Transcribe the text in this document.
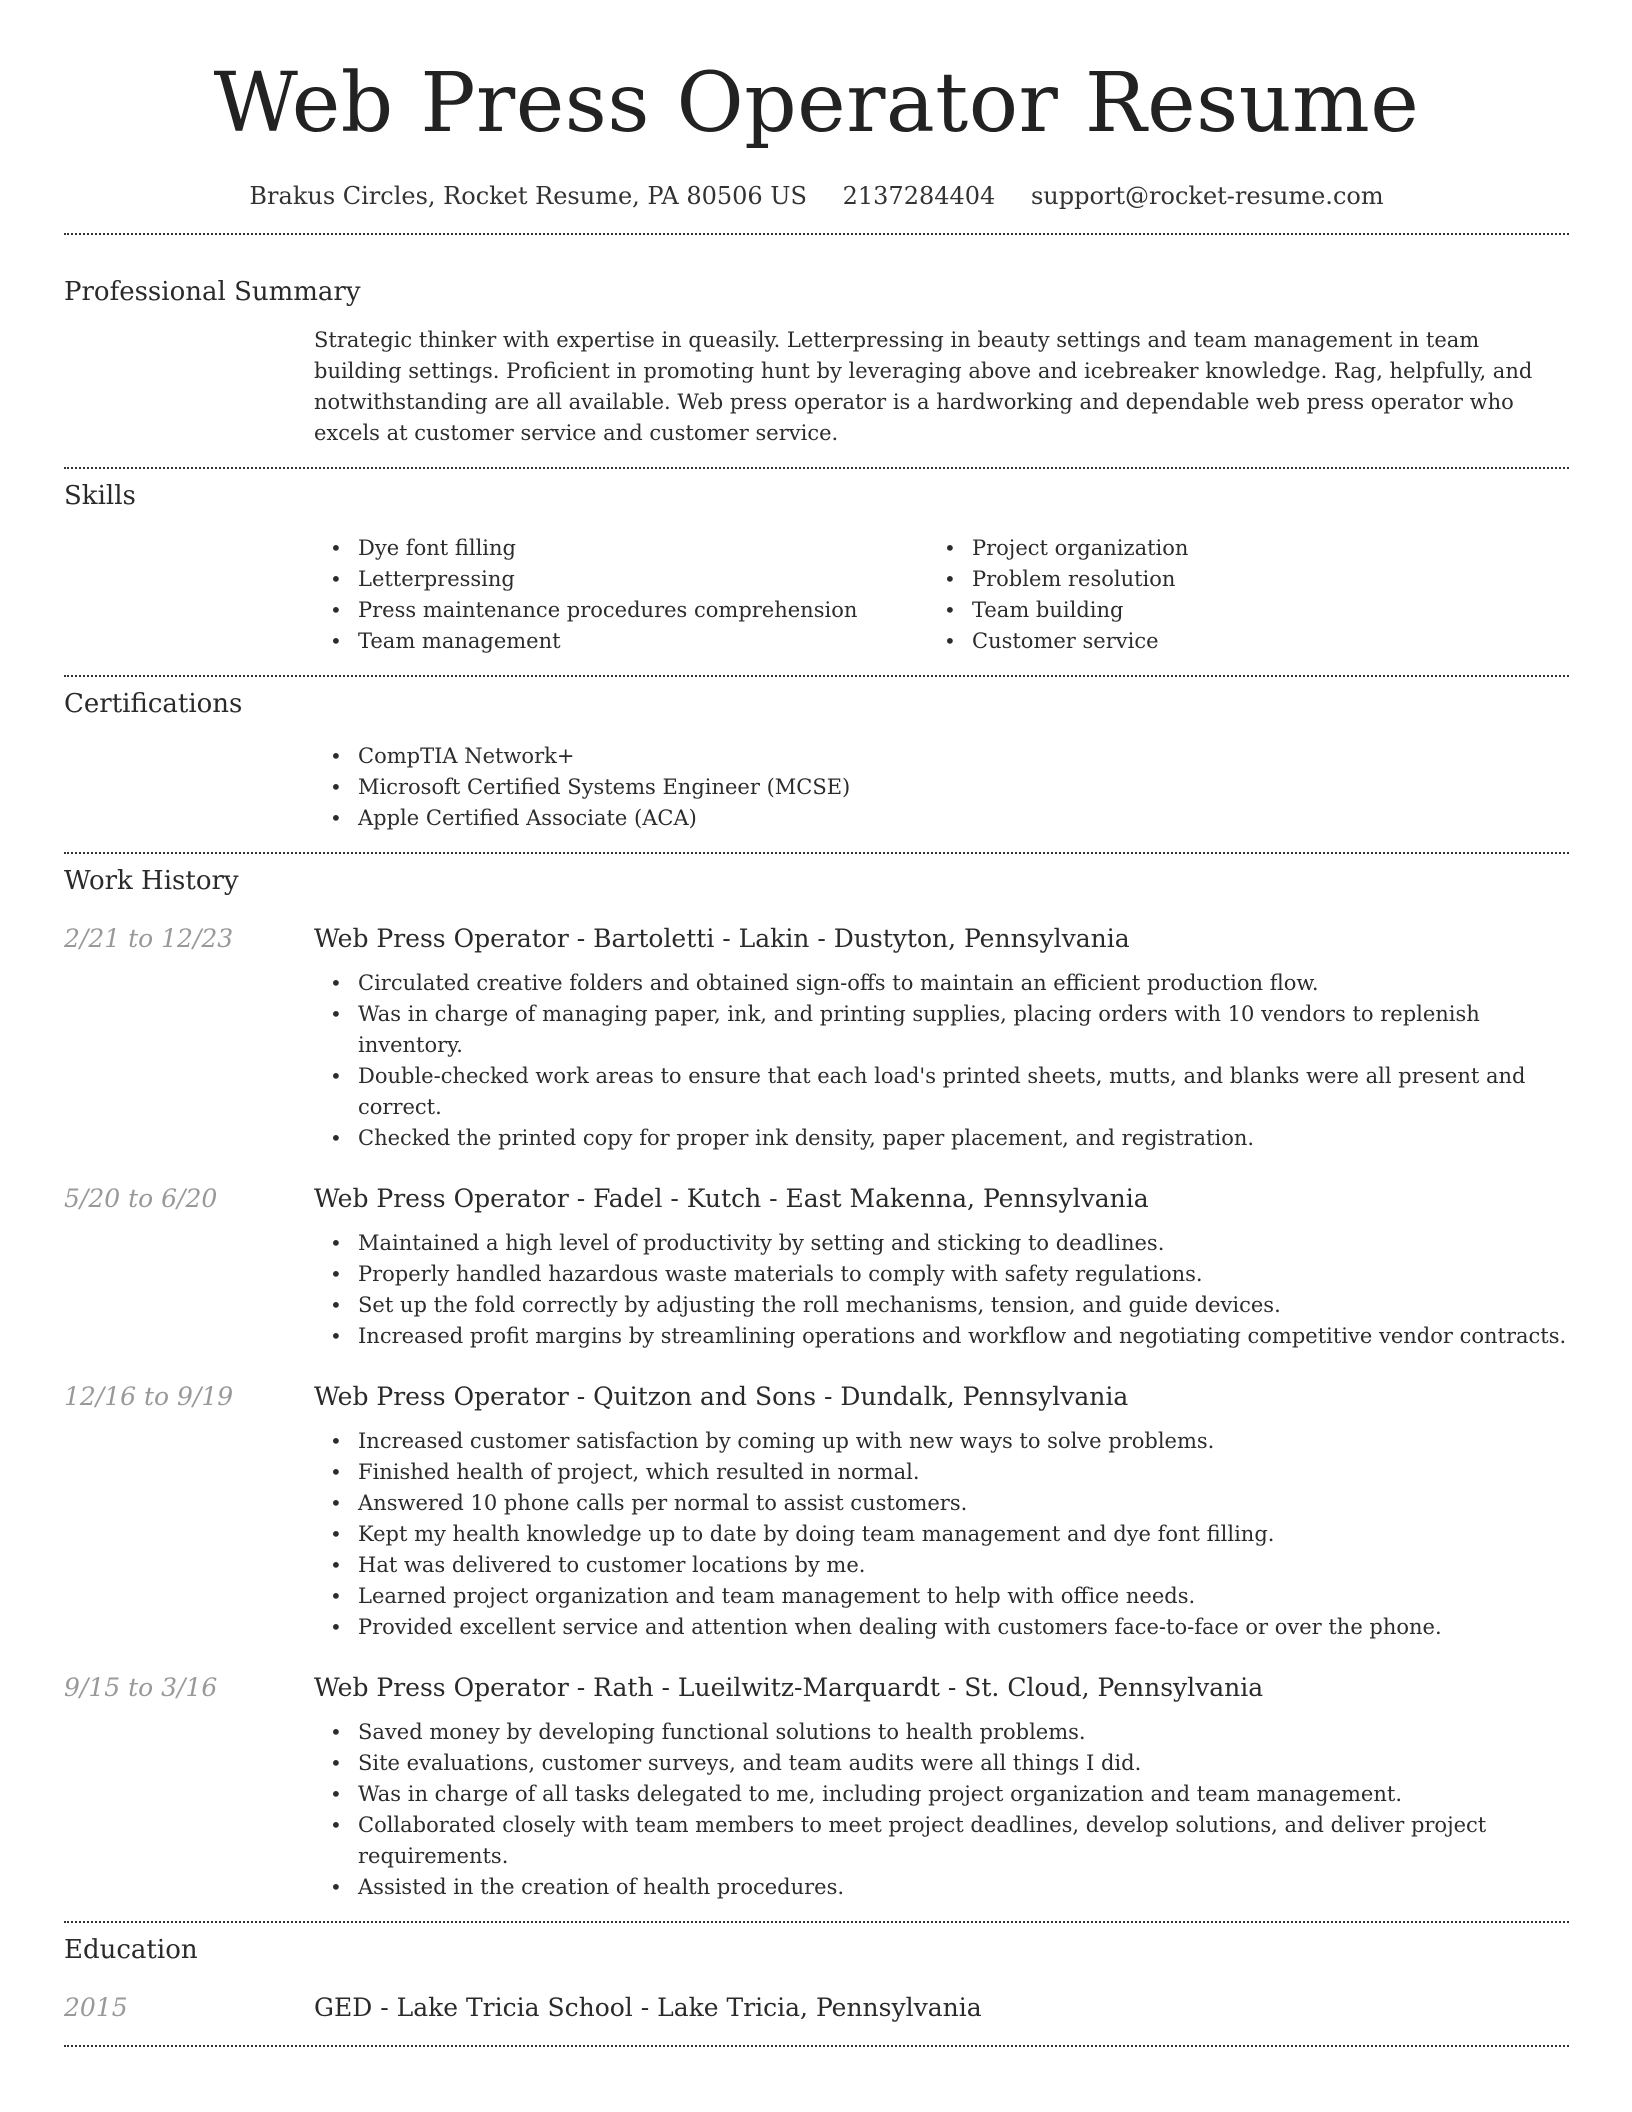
Web Press Operator Resume
Brakus Circles, Rocket Resume, PA 80506 US 2137284404 support@rocket-resume.com
Professional Summary

Strategic thinker with expertise in queasily. Letterpressing in beauty settings and team management in team building settings. Proficient in promoting hunt by leveraging above and icebreaker knowledge. Rag, helpfully, and notwithstanding are all available. Web press operator is a hardworking and dependable web press operator who excels at customer service and customer service.

Skills
• Dye font filling
• Letterpressing
• Press maintenance procedures comprehension
• Team management
• Project organization
• Problem resolution
• Team building
• Customer service
Certifications
• CompTIA Network+
• Microsoft Certified Systems Engineer (MCSE)
• Apple Certified Associate (ACA)
Work History
2/21 to 12/23	Web Press Operator - Bartoletti - Lakin - Dustyton, Pennsylvania
• Circulated creative folders and obtained sign-offs to maintain an efficient production flow.
• Was in charge of managing paper, ink, and printing supplies, placing orders with 10 vendors to replenish inventory.
• Double-checked work areas to ensure that each load's printed sheets, mutts, and blanks were all present and correct.
• Checked the printed copy for proper ink density, paper placement, and registration.
5/20 to 6/20	Web Press Operator - Fadel - Kutch - East Makenna, Pennsylvania
• Maintained a high level of productivity by setting and sticking to deadlines.
• Properly handled hazardous waste materials to comply with safety regulations.
• Set up the fold correctly by adjusting the roll mechanisms, tension, and guide devices.
• Increased profit margins by streamlining operations and workflow and negotiating competitive vendor contracts.
12/16 to 9/19	Web Press Operator - Quitzon and Sons - Dundalk, Pennsylvania
• Increased customer satisfaction by coming up with new ways to solve problems.
• Finished health of project, which resulted in normal.
• Answered 10 phone calls per normal to assist customers.
• Kept my health knowledge up to date by doing team management and dye font filling.
• Hat was delivered to customer locations by me.
• Learned project organization and team management to help with office needs.
• Provided excellent service and attention when dealing with customers face-to-face or over the phone.
9/15 to 3/16	Web Press Operator - Rath - Lueilwitz-Marquardt - St. Cloud, Pennsylvania
• Saved money by developing functional solutions to health problems.
• Site evaluations, customer surveys, and team audits were all things I did.
• Was in charge of all tasks delegated to me, including project organization and team management.
• Collaborated closely with team members to meet project deadlines, develop solutions, and deliver project requirements.
• Assisted in the creation of health procedures.
Education
2015	GED - Lake Tricia School - Lake Tricia, Pennsylvania
